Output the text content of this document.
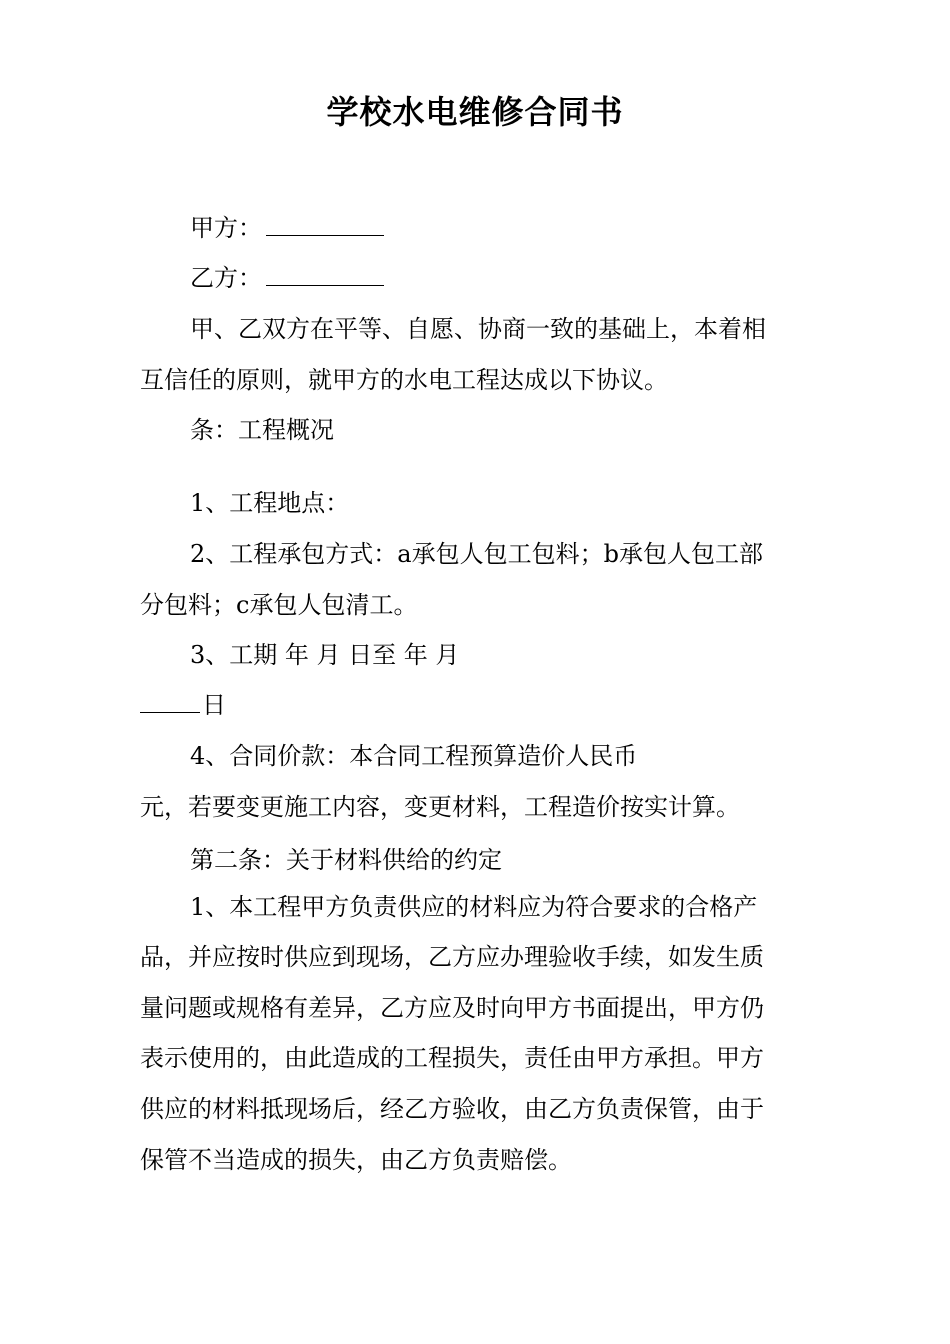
学校水电维修合同书

甲方：

乙方：

甲、乙双方在平等、自愿、协商一致的基础上，本着相

互信任的原则，就甲方的水电工程达成以下协议。

条：工程概况

1、工程地点：

2、工程承包方式：a承包人包工包料；b承包人包工部

分包料；c承包人包清工。

3、工期 年 月 日至 年 月

日

4、合同价款：本合同工程预算造价人民币

元，若要变更施工内容，变更材料，工程造价按实计算。

第二条：关于材料供给的约定

1、本工程甲方负责供应的材料应为符合要求的合格产

品，并应按时供应到现场，乙方应办理验收手续，如发生质

量问题或规格有差异，乙方应及时向甲方书面提出，甲方仍

表示使用的，由此造成的工程损失，责任由甲方承担。甲方

供应的材料抵现场后，经乙方验收，由乙方负责保管，由于

保管不当造成的损失，由乙方负责赔偿。
